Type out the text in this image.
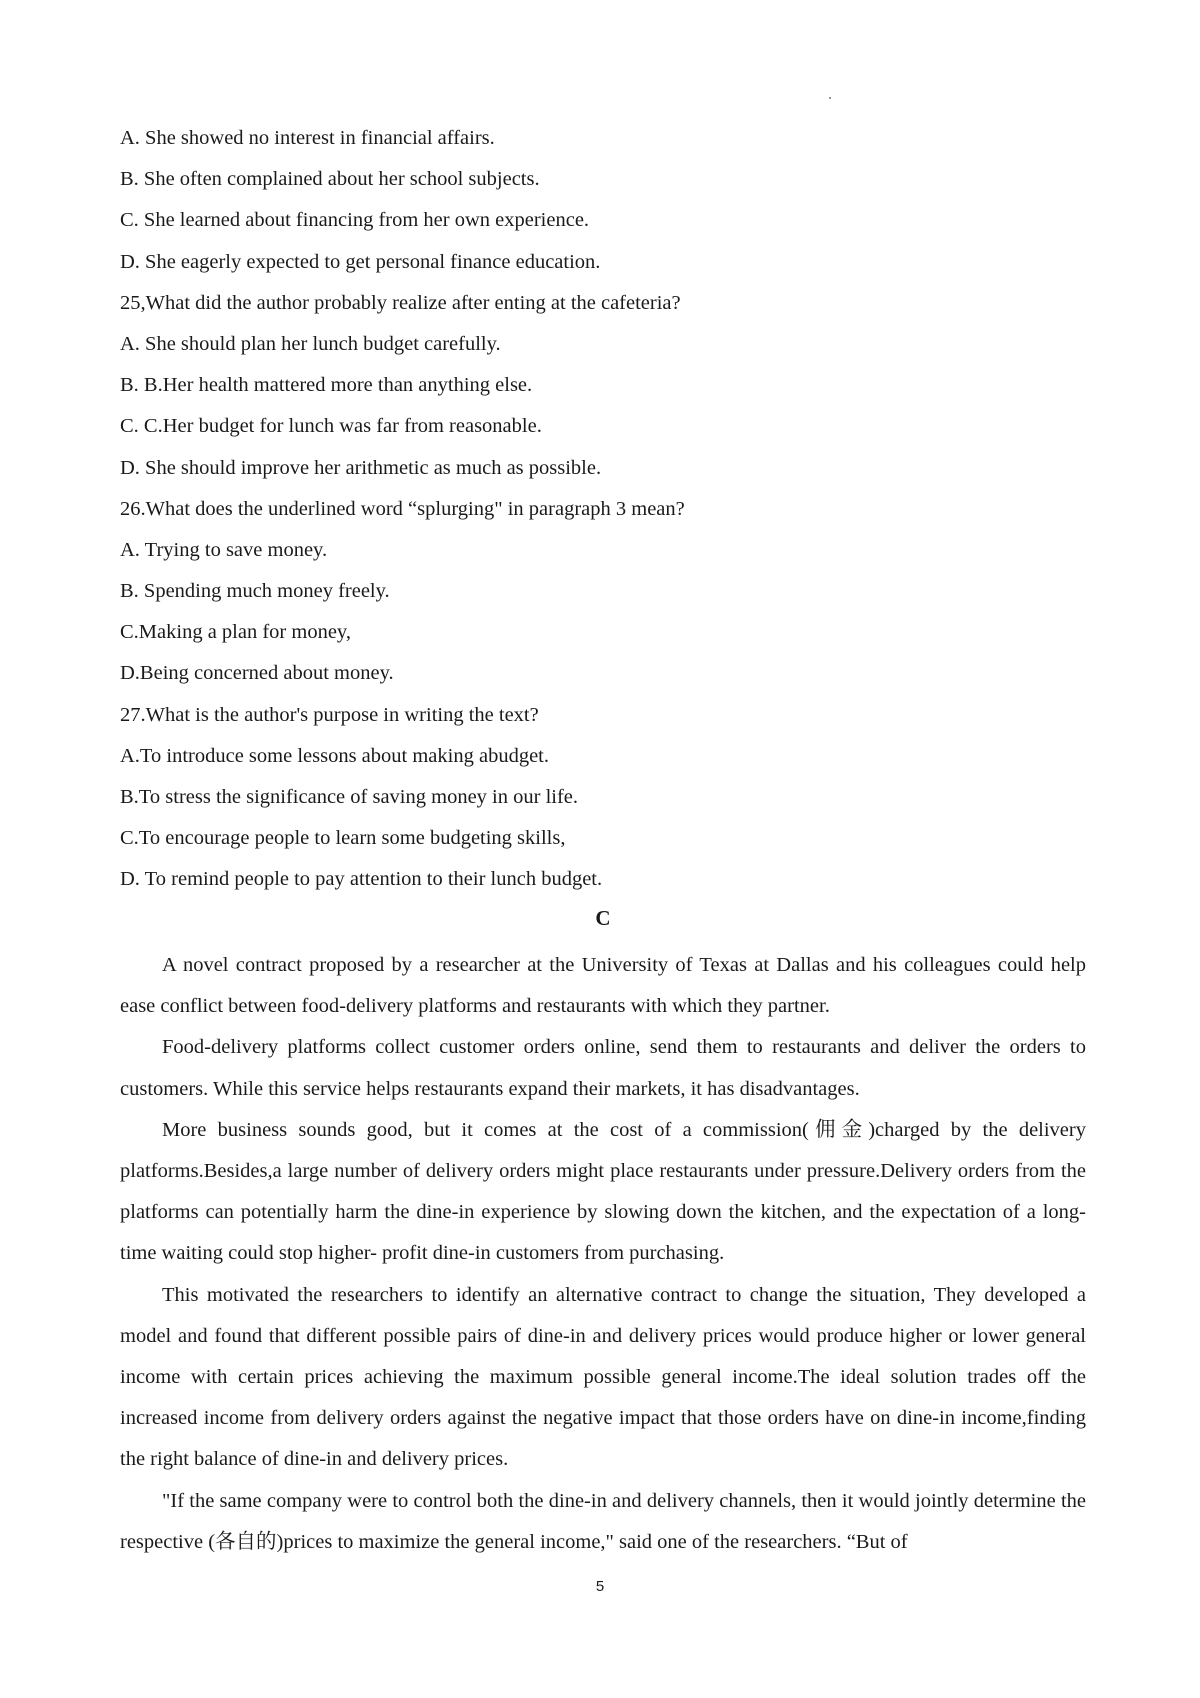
A. She showed no interest in financial affairs.
B. She often complained about her school subjects.
C. She learned about financing from her own experience.
D. She eagerly expected to get personal finance education.
25,What did the author probably realize after enting at the cafeteria?
A. She should plan her lunch budget carefully.
B. B.Her health mattered more than anything else.
C. C.Her budget for lunch was far from reasonable.
D. She should improve her arithmetic as much as possible.
26.What does the underlined word “splurging" in paragraph 3 mean?
A. Trying to save money.
B. Spending much money freely.
C.Making a plan for money,
D.Being concerned about money.
27.What is the author's purpose in writing the text?
A.To introduce some lessons about making abudget.
B.To stress the significance of saving money in our life.
C.To encourage people to learn some budgeting skills,
D. To remind people to pay attention to their lunch budget.
C

A novel contract proposed by a researcher at the University of Texas at Dallas and his colleagues could help ease conflict between food-delivery platforms and restaurants with which they partner.

Food-delivery platforms collect customer orders online, send them to restaurants and deliver the orders to customers. While this service helps restaurants expand their markets, it has disadvantages.

More business sounds good, but it comes at the cost of a commission(佣金)charged by the delivery platforms.Besides,a large number of delivery orders might place restaurants under pressure.Delivery orders from the platforms can potentially harm the dine-in experience by slowing down the kitchen, and the expectation of a long-time waiting could stop higher- profit dine-in customers from purchasing.

This motivated the researchers to identify an alternative contract to change the situation, They developed a model and found that different possible pairs of dine-in and delivery prices would produce higher or lower general income with certain prices achieving the maximum possible general income.The ideal solution trades off the increased income from delivery orders against the negative impact that those orders have on dine-in income,finding the right balance of dine-in and delivery prices.

"If the same company were to control both the dine-in and delivery channels, then it would jointly determine the respective (各自的)prices to maximize the general income," said one of the researchers. “But of

5
